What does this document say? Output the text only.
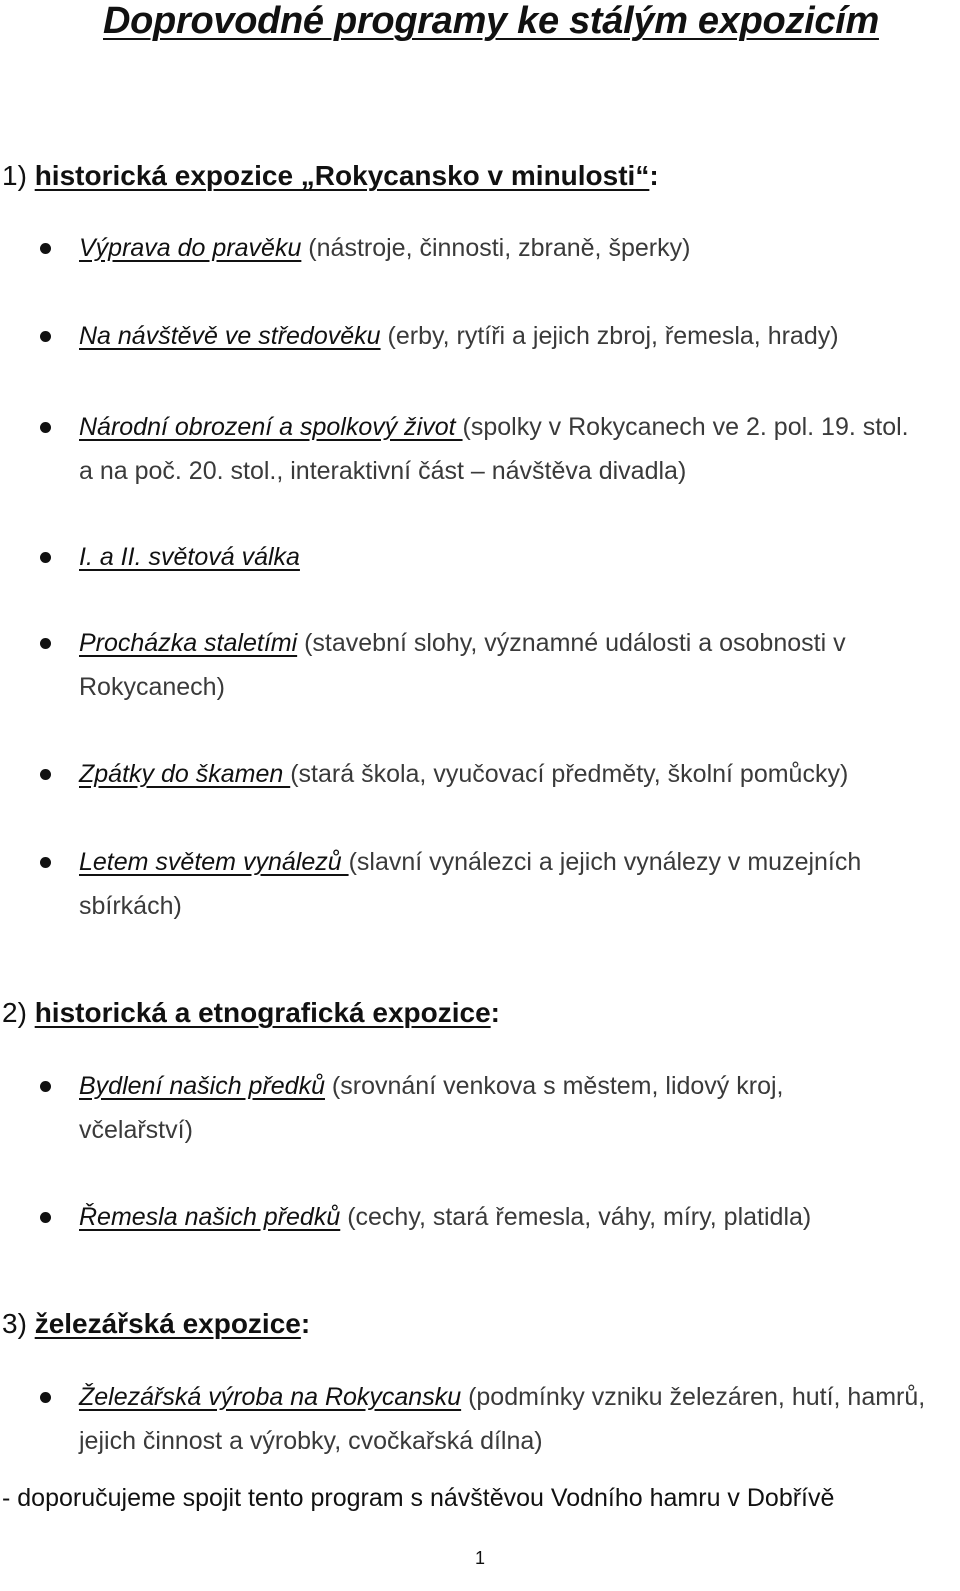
Doprovodné programy ke stálým expozicím
1) historická expozice „Rokycansko v minulosti“:
Výprava do pravěku (nástroje, činnosti, zbraně, šperky)
Na návštěvě ve středověku (erby, rytíři a jejich zbroj, řemesla, hrady)
Národní obrození a spolkový život (spolky v Rokycanech ve 2. pol. 19. stol. a na poč. 20. stol., interaktivní část – návštěva divadla)
I. a II. světová válka
Procházka staletími (stavební slohy, významné události a osobnosti v Rokycanech)
Zpátky do škamen (stará škola, vyučovací předměty, školní pomůcky)
Letem světem vynálezů (slavní vynálezci a jejich vynálezy v muzejních sbírkách)
2) historická a etnografická expozice:
Bydlení našich předků (srovnání venkova s městem, lidový kroj, včelařství)
Řemesla našich předků (cechy, stará řemesla, váhy, míry, platidla)
3) železářská expozice:
Železářská výroba na Rokycansku (podmínky vzniku železáren, hutí, hamrů, jejich činnost a výrobky, cvočkařská dílna)

- doporučujeme spojit tento program s návštěvou Vodního hamru v Dobřívě

1
